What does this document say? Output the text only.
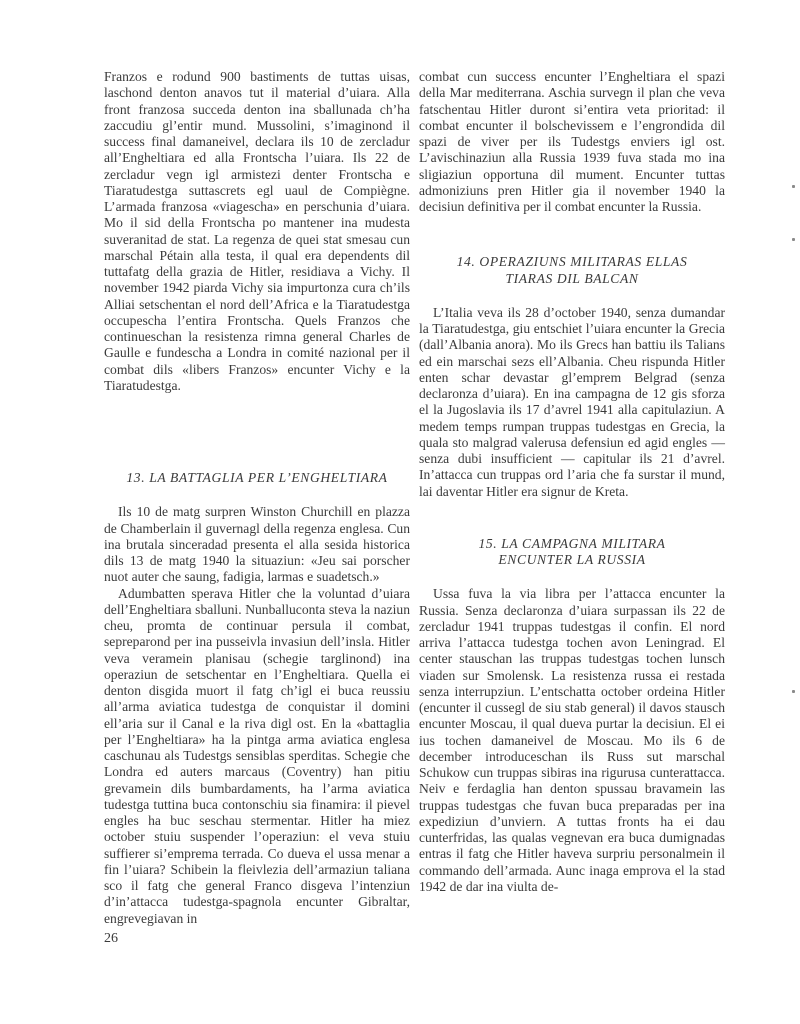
Franzos e rodund 900 bastiments de tuttas uisas, laschond denton anavos tut il material d’uiara. Alla front franzosa succeda denton ina sballunada ch’ha zaccudiu gl’entir mund. Mussolini, s’imaginond il success final damaneivel, declara ils 10 de zercladur all’Engheltiara ed alla Frontscha l’uiara. Ils 22 de zercladur vegn igl armistezi denter Frontscha e Tiaratudestga suttascrets egl uaul de Compiègne. L’armada franzosa «viagescha» en perschunia d’uiara. Mo il sid della Frontscha po mantener ina mudesta suveranitad de stat. La regenza de quei stat smesau cun marschal Pétain alla testa, il qual era dependents dil tuttafatg della grazia de Hitler, residiava a Vichy. Il november 1942 piarda Vichy sia impurtonza cura ch’ils Alliai setschentan el nord dell’Africa e la Tiaratudestga occupescha l’entira Frontscha. Quels Franzos che continueschan la resistenza rimna general Charles de Gaulle e fundescha a Londra in comité nazional per il combat dils «libers Franzos» encunter Vichy e la Tiaratudestga.

13. LA BATTAGLIA PER L’ENGHELTIARA

Ils 10 de matg surpren Winston Churchill en plazza de Chamberlain il guvernagl della regenza englesa. Cun ina brutala sinceradad presenta el alla sesida historica dils 13 de matg 1940 la situaziun: «Jeu sai porscher nuot auter che saung, fadigia, larmas e suadetsch.»

Adumbatten sperava Hitler che la voluntad d’uiara dell’Engheltiara sballuni. Nunballuconta steva la naziun cheu, promta de continuar persula il combat, sepreparond per ina pusseivla invasiun dell’insla. Hitler veva veramein planisau (schegie targlinond) ina operaziun de setschentar en l’Engheltiara. Quella ei denton disgida muort il fatg ch’igl ei buca reussiu all’arma aviatica tudestga de conquistar il domini ell’aria sur il Canal e la riva digl ost. En la «battaglia per l’Engheltiara» ha la pintga arma aviatica englesa caschunau als Tudestgs sensiblas sperditas. Schegie che Londra ed auters marcaus (Coventry) han pitiu grevamein dils bumbardaments, ha l’arma aviatica tudestga tuttina buca contonschiu sia finamira: il pievel engles ha buc seschau stermentar. Hitler ha miez october stuiu suspender l’operaziun: el veva stuiu suffierer si’emprema terrada. Co dueva el ussa menar a fin l’uiara? Schibein la fleivlezia dell’armaziun taliana sco il fatg che general Franco disgeva l’intenziun d’in’attacca tudestga-spagnola encunter Gibraltar, engrevegiavan in

combat cun success encunter l’Engheltiara el spazi della Mar mediterrana. Aschia survegn il plan che veva fatschentau Hitler duront si’entira veta prioritad: il combat encunter il bolschevissem e l’engrondida dil spazi de viver per ils Tudestgs enviers igl ost. L’avischinaziun alla Russia 1939 fuva stada mo ina sligiaziun opportuna dil mument. Encunter tuttas admoniziuns pren Hitler gia il november 1940 la decisiun definitiva per il combat encunter la Russia.

14. OPERAZIUNS MILITARAS ELLAS
TIARAS DIL BALCAN

L’Italia veva ils 28 d’october 1940, senza dumandar la Tiaratudestga, giu entschiet l’uiara encunter la Grecia (dall’Albania anora). Mo ils Grecs han battiu ils Talians ed ein marschai sezs ell’Albania. Cheu rispunda Hitler enten schar devastar gl’emprem Belgrad (senza declaronza d’uiara). En ina campagna de 12 gis sforza el la Jugoslavia ils 17 d’avrel 1941 alla capitulaziun. A medem temps rumpan truppas tudestgas en Grecia, la quala sto malgrad valerusa defensiun ed agid engles — senza dubi insufficient — capitular ils 21 d’avrel. In’attacca cun truppas ord l’aria che fa surstar il mund, lai daventar Hitler era signur de Kreta.

15. LA CAMPAGNA MILITARA
ENCUNTER LA RUSSIA

Ussa fuva la via libra per l’attacca encunter la Russia. Senza declaronza d’uiara surpassan ils 22 de zercladur 1941 truppas tudestgas il confin. El nord arriva l’attacca tudestga tochen avon Leningrad. El center stauschan las truppas tudestgas tochen lunsch viaden sur Smolensk. La resistenza russa ei restada senza interrupziun. L’entschatta october ordeina Hitler (encunter il cussegl de siu stab general) il davos stausch encunter Moscau, il qual dueva purtar la decisiun. El ei ius tochen damaneivel de Moscau. Mo ils 6 de december introduceschan ils Russ sut marschal Schukow cun truppas sibiras ina rigurusa cunterattacca. Neiv e ferdaglia han denton spussau bravamein las truppas tudestgas che fuvan buca preparadas per ina expediziun d’unviern. A tuttas fronts ha ei dau cunterfridas, las qualas vegnevan era buca dumignadas entras il fatg che Hitler haveva surpriu personalmein il commando dell’armada. Aunc inaga emprova el la stad 1942 de dar ina viulta de-

26
